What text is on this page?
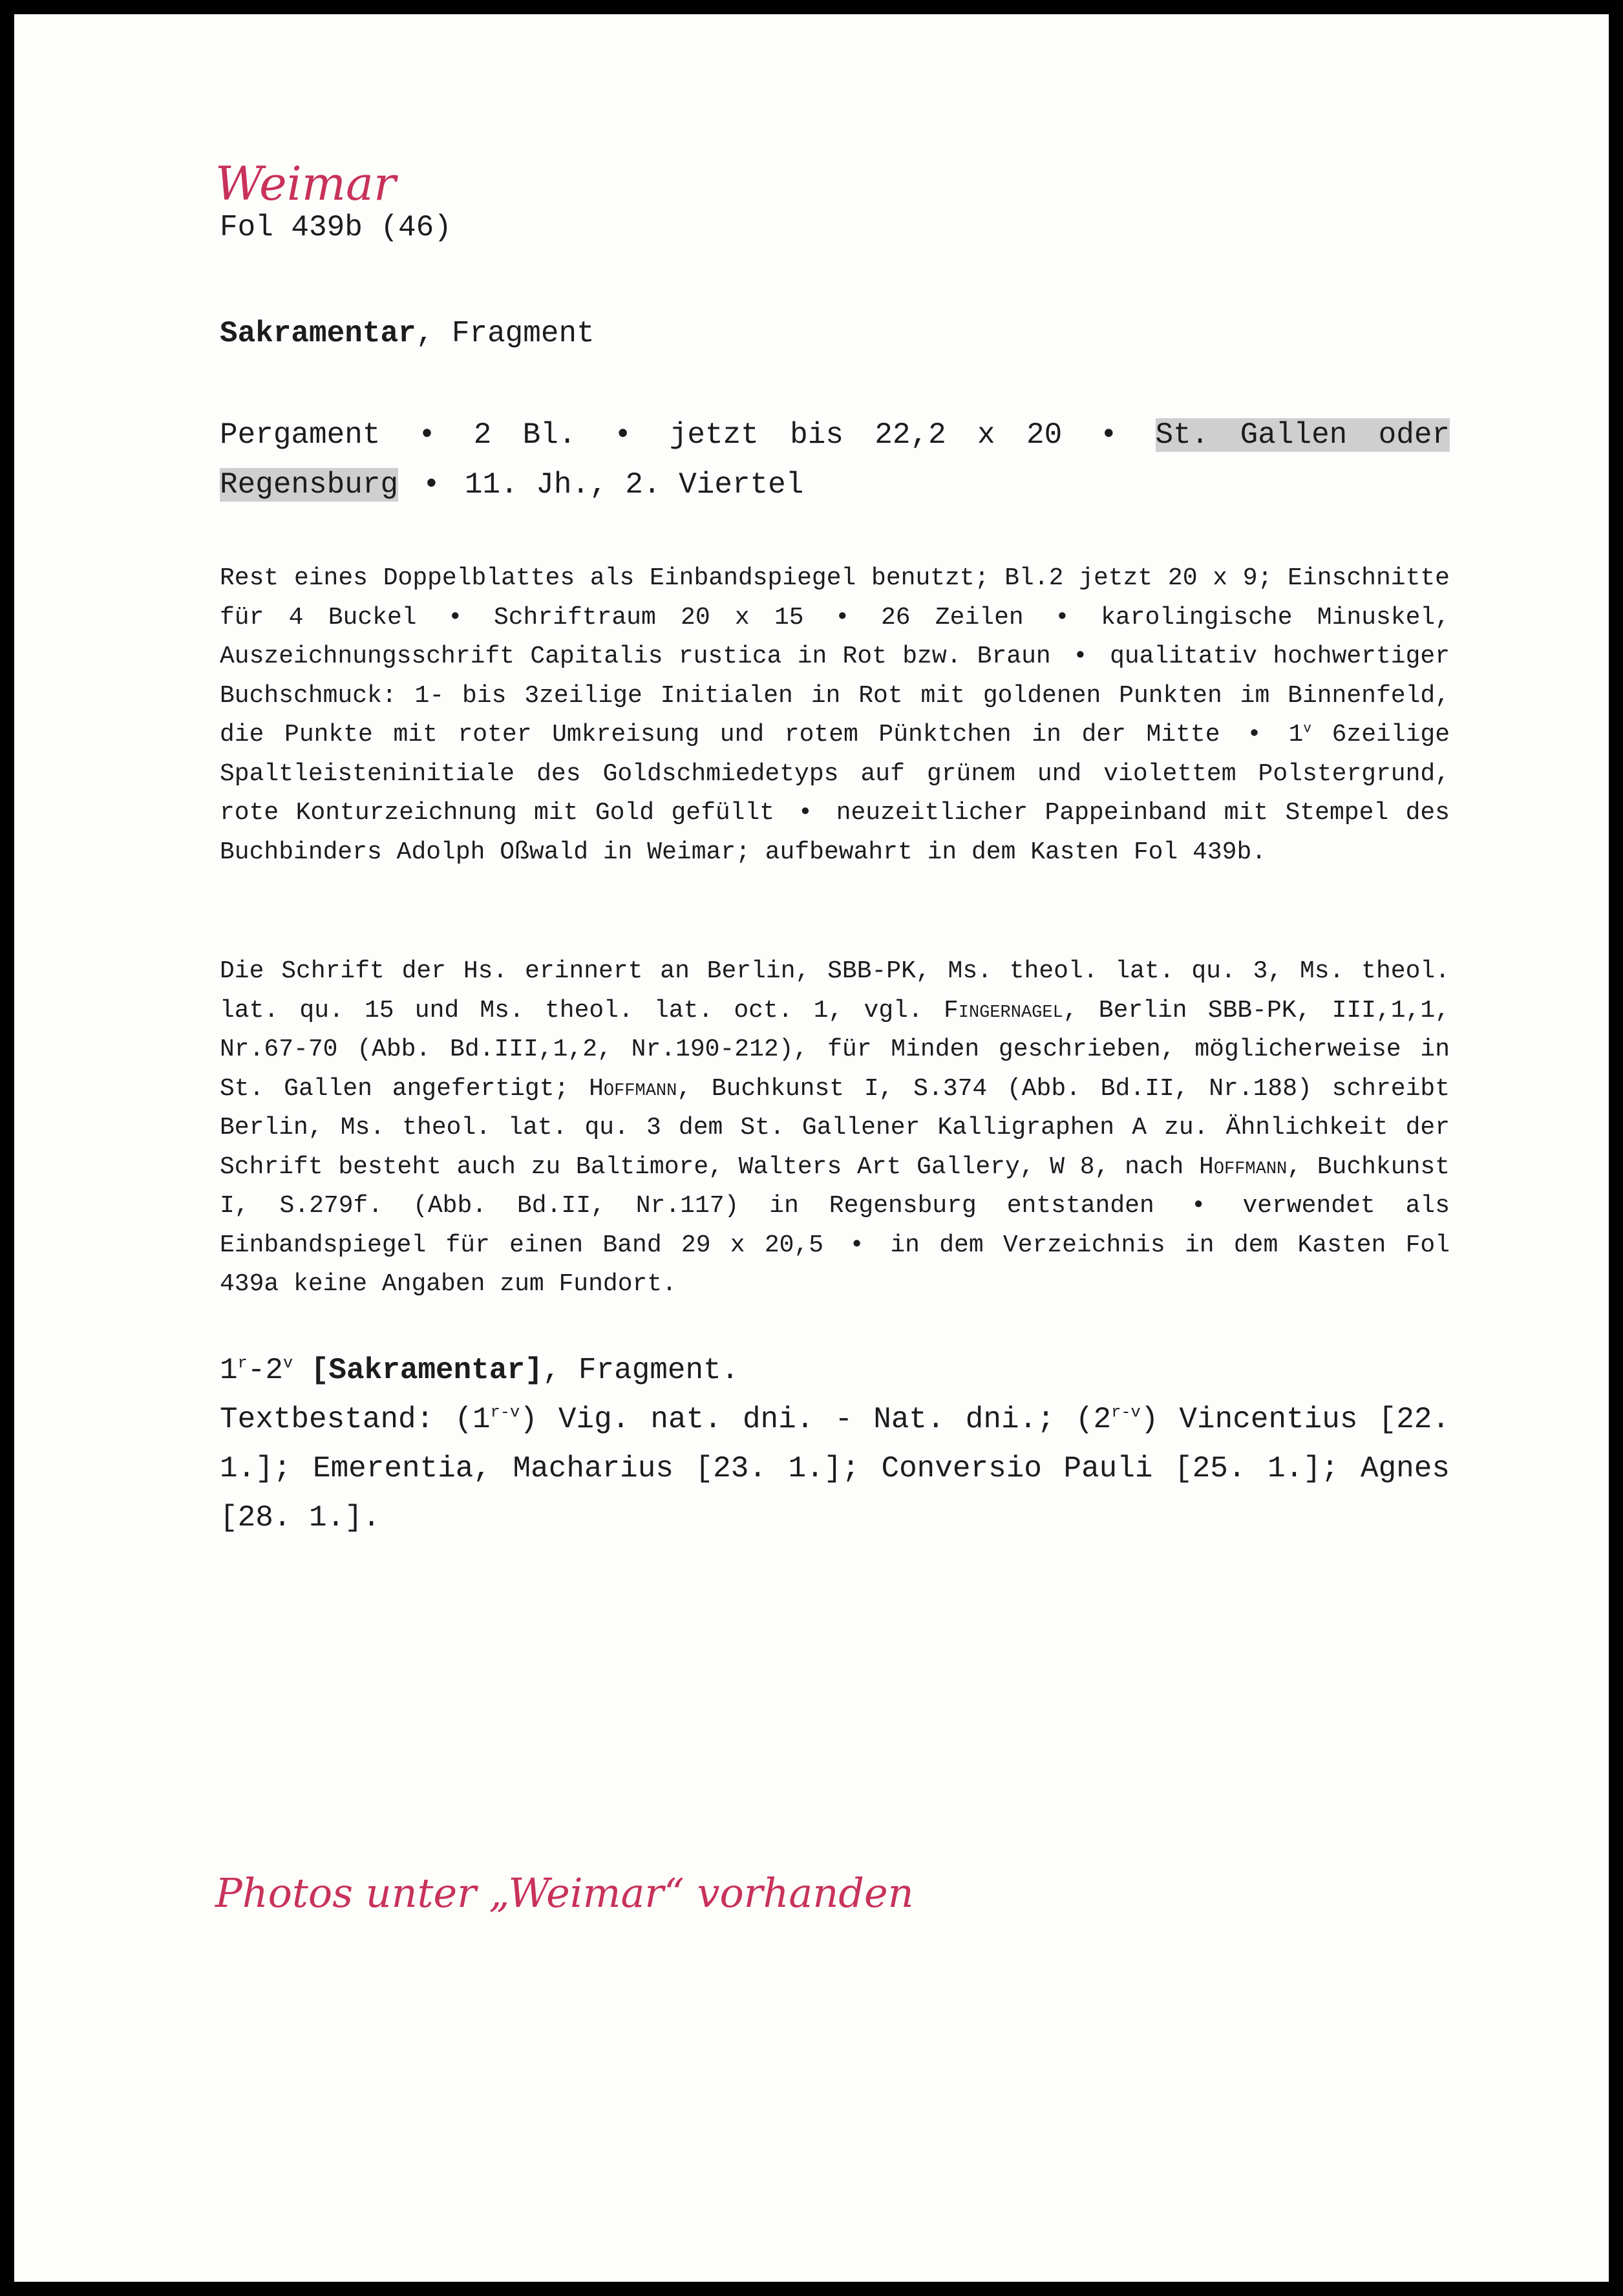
Weimar
Fol 439b (46)
Sakramentar, Fragment
Pergament • 2 Bl. • jetzt bis 22,2 x 20 • St. Gallen oder Regensburg • 11. Jh., 2. Viertel
Rest eines Doppelblattes als Einbandspiegel benutzt; Bl.2 jetzt 20 x 9; Einschnitte für 4 Buckel • Schriftraum 20 x 15 • 26 Zeilen • karolingische Minuskel, Auszeichnungsschrift Capitalis rustica in Rot bzw. Braun • qualitativ hochwertiger Buchschmuck: 1- bis 3zeilige Initialen in Rot mit goldenen Punkten im Binnenfeld, die Punkte mit roter Umkreisung und rotem Pünktchen in der Mitte • 1$^v$ 6zeilige Spaltleisteninitiale des Goldschmiedetyps auf grünem und violettem Polstergrund, rote Konturzeichnung mit Gold gefüllt • neuzeitlicher Pappeinband mit Stempel des Buchbinders Adolph Oßwald in Weimar; aufbewahrt in dem Kasten Fol 439b.
Die Schrift der Hs. erinnert an Berlin, SBB-PK, Ms. theol. lat. qu. 3, Ms. theol. lat. qu. 15 und Ms. theol. lat. oct. 1, vgl. Fingernagel, Berlin SBB-PK, III,1,1, Nr.67-70 (Abb. Bd.III,1,2, Nr.190-212), für Minden geschrieben, möglicherweise in St. Gallen angefertigt; Hoffmann, Buchkunst I, S.374 (Abb. Bd.II, Nr.188) schreibt Berlin, Ms. theol. lat. qu. 3 dem St. Gallener Kalligraphen A zu. Ähnlichkeit der Schrift besteht auch zu Baltimore, Walters Art Gallery, W 8, nach Hoffmann, Buchkunst I, S.279f. (Abb. Bd.II, Nr.117) in Regensburg entstanden • verwendet als Einbandspiegel für einen Band 29 x 20,5 • in dem Verzeichnis in dem Kasten Fol 439a keine Angaben zum Fundort.
1$^r$-2$^v$ [Sakramentar], Fragment.
Textbestand: (1$^{r-v}$) Vig. nat. dni. - Nat. dni.; (2$^{r-v}$) Vincentius [22. 1.]; Emerentia, Macharius [23. 1.]; Conversio Pauli [25. 1.]; Agnes [28. 1.].
Photos unter „Weimar“ vorhanden
